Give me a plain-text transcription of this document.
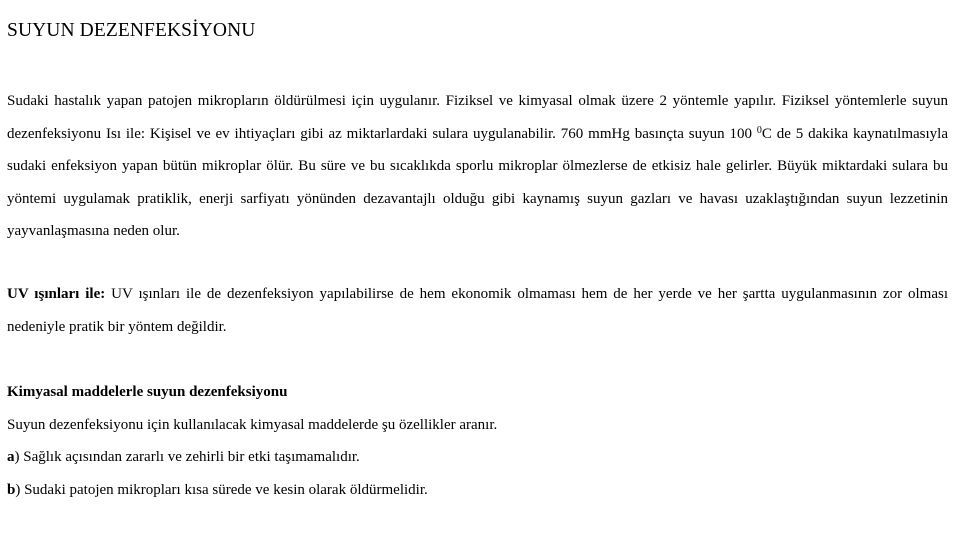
SUYUN DEZENFEKSİYONU
Sudaki hastalık yapan patojen mikropların öldürülmesi için uygulanır. Fiziksel ve kimyasal olmak üzere 2 yöntemle yapılır. Fiziksel yöntemlerle suyun dezenfeksiyonu Isı ile: Kişisel ve ev ihtiyaçları gibi az miktarlardaki sulara uygulanabilir. 760 mmHg basınçta suyun 100 $^0$C de 5 dakika kaynatılmasıyla sudaki enfeksiyon yapan bütün mikroplar ölür. Bu süre ve bu sıcaklıkda sporlu mikroplar ölmezlerse de etkisiz hale gelirler. Büyük miktardaki sulara bu yöntemi uygulamak pratiklik, enerji sarfiyatı yönünden dezavantajlı olduğu gibi kaynamış suyun gazları ve havası uzaklaştığından suyun lezzetinin yayvanlaşmasına neden olur.
UV ışınları ile: UV ışınları ile de dezenfeksiyon yapılabilirse de hem ekonomik olmaması hem de her yerde ve her şartta uygulanmasının zor olması nedeniyle pratik bir yöntem değildir.
Kimyasal maddelerle suyun dezenfeksiyonu
Suyun dezenfeksiyonu için kullanılacak kimyasal maddelerde şu özellikler aranır.
a) Sağlık açısından zararlı ve zehirli bir etki taşımamalıdır.
b) Sudaki patojen mikropları kısa sürede ve kesin olarak öldürmelidir.
